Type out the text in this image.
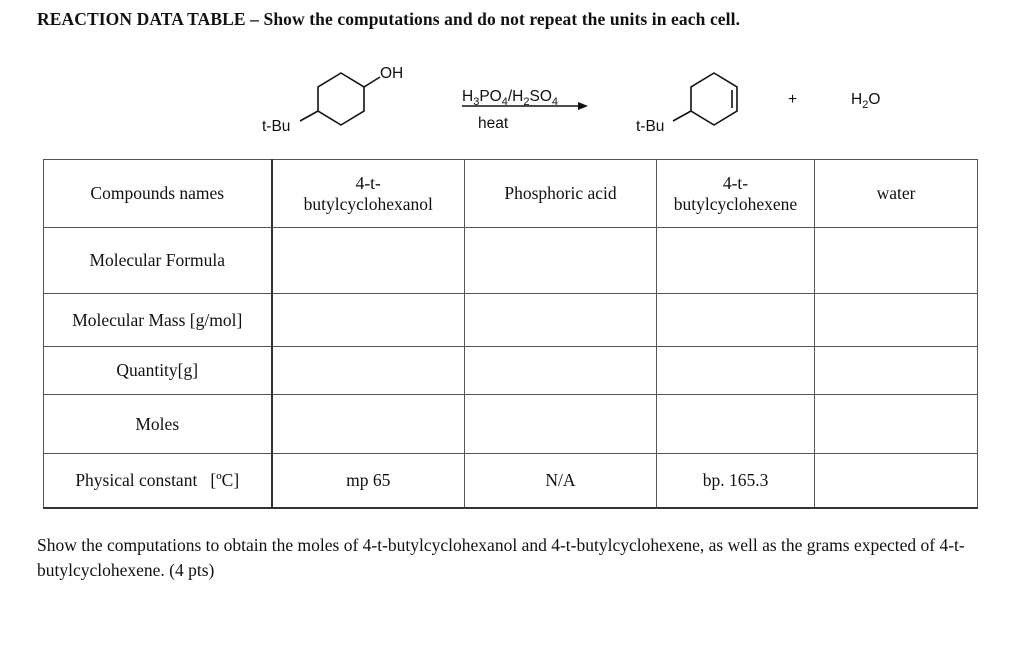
REACTION DATA TABLE – Show the computations and do not repeat the units in each cell.
OH
t-Bu
$H_3PO_4/H_2SO_4$
heat	t-Bu
+	$H_2O$
Compounds names	4-t-
butylcyclohexanol	Phosphoric acid	4-t-
butylcyclohexene	water
Molecular Formula				
Molecular Mass [g/mol]				
Quantity[g]				
Moles				
Physical constant   [ºC]	mp 65	N/A	bp. 165.3	
Show the computations to obtain the moles of 4-t-butylcyclohexanol and 4-t-butylcyclohexene, as well as the grams expected of 4-t-butylcyclohexene. (4 pts)
